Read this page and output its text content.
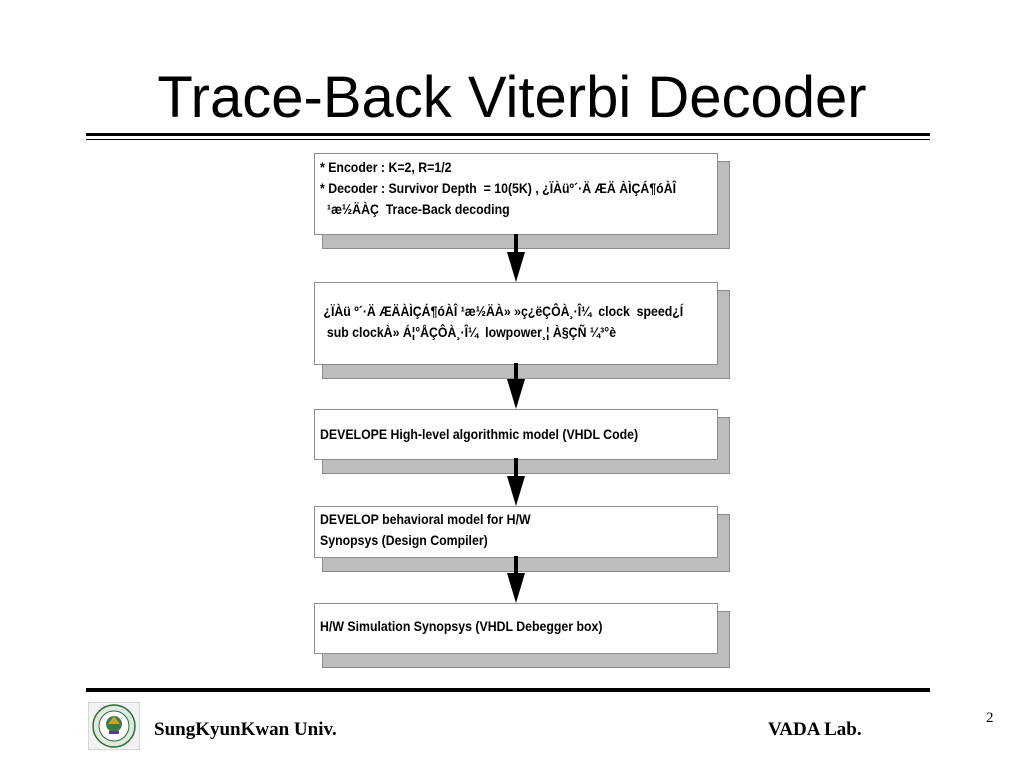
Trace-Back Viterbi Decoder
* Encoder : K=2, R=1/2
* Decoder : Survivor Depth  = 10(5K) , ¿ÏÀüº´·Ä ÆÄ ÀÌÇÁ¶óÀÎ
¹æ½ÄÀÇ  Trace-Back decoding
¿ÏÀü º´·Ä ÆÄÀÌÇÁ¶óÀÎ ¹æ½ÄÀ» »ç¿ëÇÔÀ¸·Î¼  clock  speed¿Í
sub clockÀ» Á¦°ÅÇÔÀ¸·Î¼  lowpower¸¦ À§ÇÑ ¼³°è
DEVELOPE High-level algorithmic model (VHDL Code)
DEVELOP behavioral model for H/W
Synopsys (Design Compiler)
H/W Simulation Synopsys (VHDL Debegger box)
SungKyunKwan Univ.	VADA Lab.
2
